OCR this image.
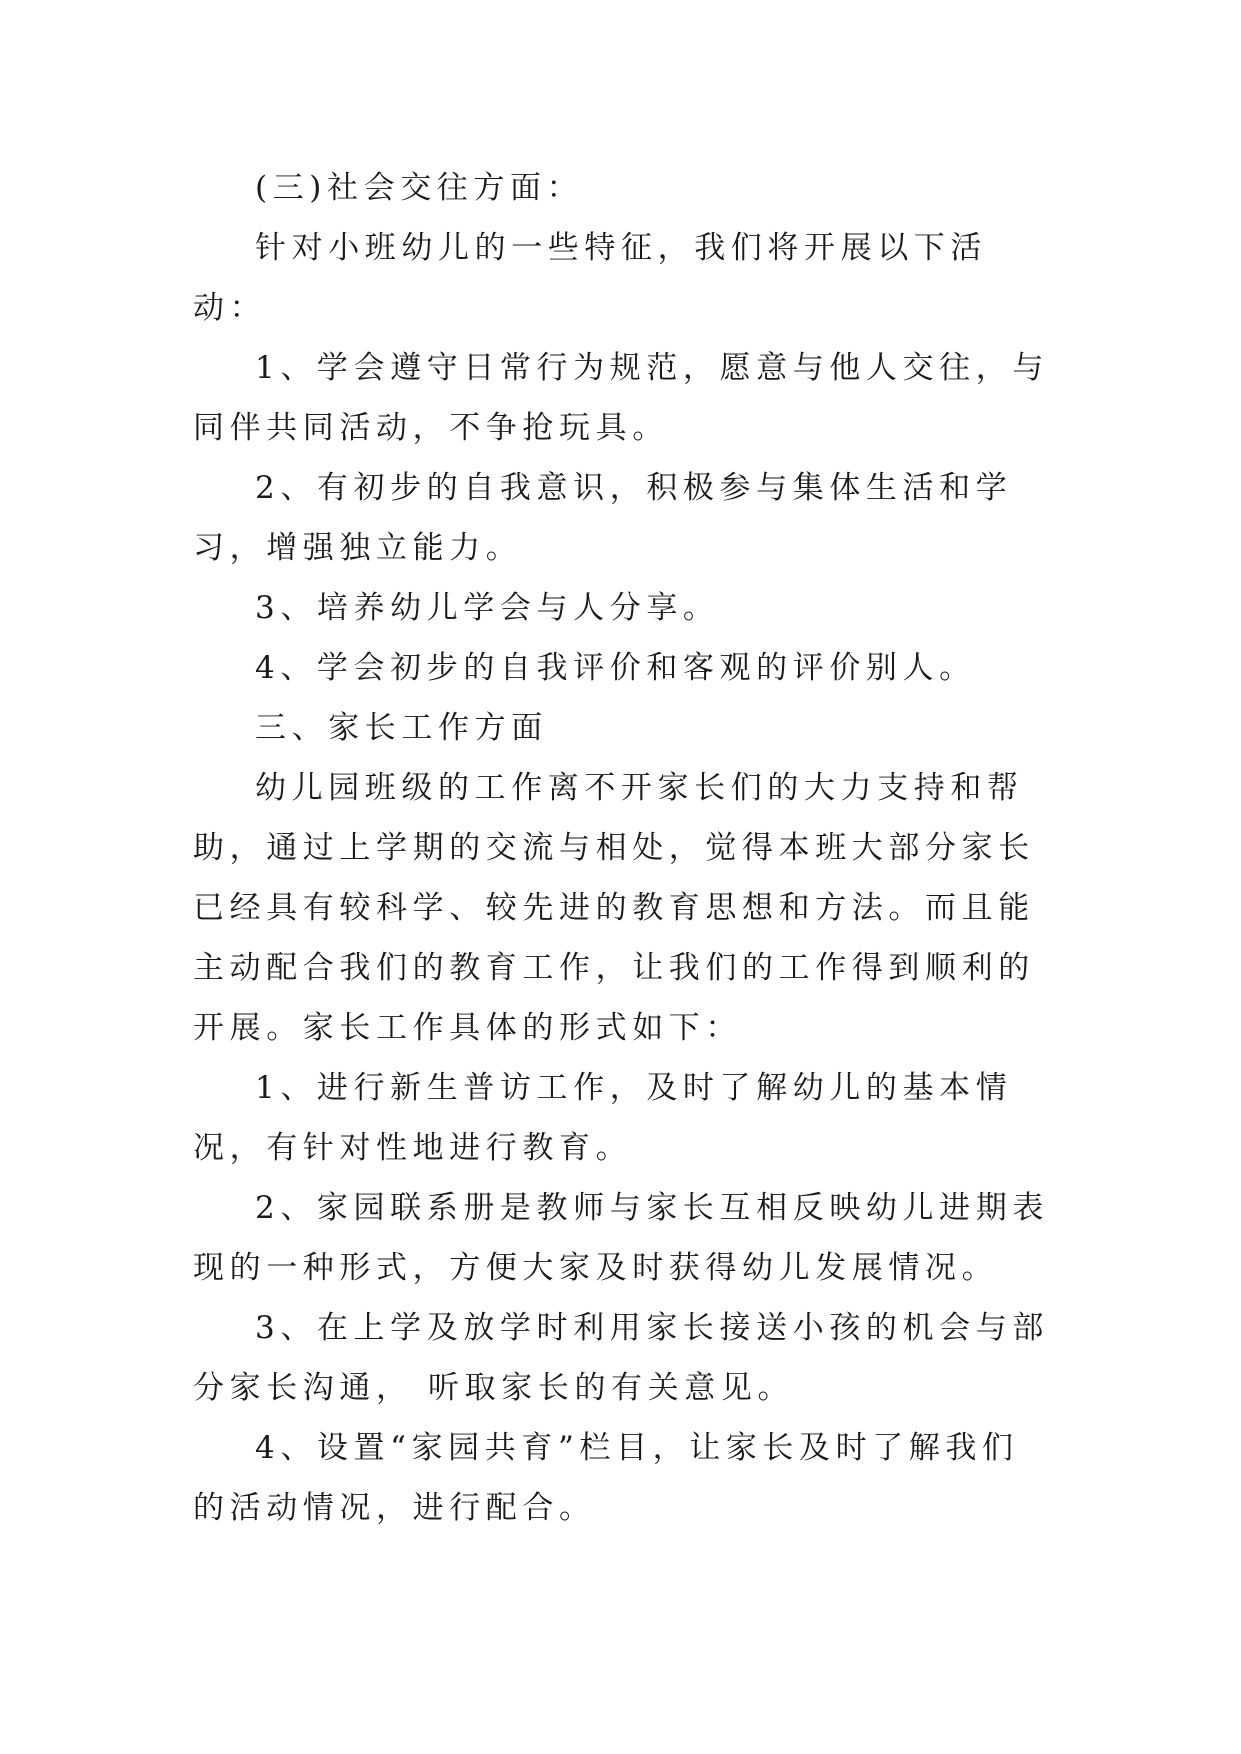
(三)社会交往方面：

针对小班幼儿的一些特征，我们将开展以下活动：

1、学会遵守日常行为规范，愿意与他人交往，与同伴共同活动，不争抢玩具。

2、有初步的自我意识，积极参与集体生活和学习，增强独立能力。

3、培养幼儿学会与人分享。

4、学会初步的自我评价和客观的评价别人。

三、家长工作方面

幼儿园班级的工作离不开家长们的大力支持和帮助，通过上学期的交流与相处，觉得本班大部分家长已经具有较科学、较先进的教育思想和方法。而且能主动配合我们的教育工作，让我们的工作得到顺利的开展。家长工作具体的形式如下：

1、进行新生普访工作，及时了解幼儿的基本情况，有针对性地进行教育。

2、家园联系册是教师与家长互相反映幼儿进期表现的一种形式，方便大家及时获得幼儿发展情况。

3、在上学及放学时利用家长接送小孩的机会与部分家长沟通， 听取家长的有关意见。

4、设置“家园共育”栏目，让家长及时了解我们的活动情况，进行配合。
